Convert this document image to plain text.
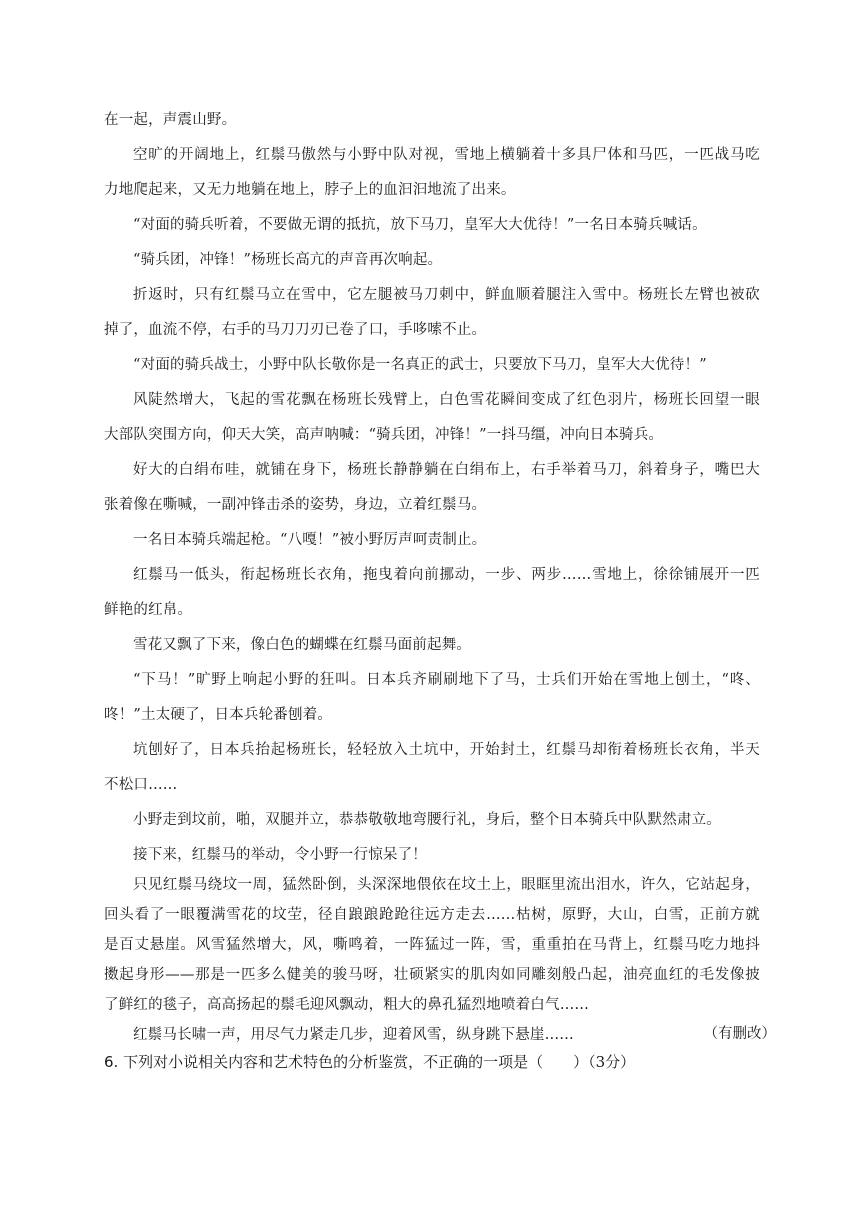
在一起，声震山野。
空旷的开阔地上，红鬃马傲然与小野中队对视，雪地上横躺着十多具尸体和马匹，一匹战马吃
力地爬起来，又无力地躺在地上，脖子上的血汩汩地流了出来。
“对面的骑兵听着，不要做无谓的抵抗，放下马刀，皇军大大优待！”一名日本骑兵喊话。
“骑兵团，冲锋！”杨班长高亢的声音再次响起。
折返时，只有红鬃马立在雪中，它左腿被马刀刺中，鲜血顺着腿注入雪中。杨班长左臂也被砍
掉了，血流不停，右手的马刀刀刃已卷了口，手哆嗦不止。
“对面的骑兵战士，小野中队长敬你是一名真正的武士，只要放下马刀，皇军大大优待！”
风陡然增大，飞起的雪花飘在杨班长残臂上，白色雪花瞬间变成了红色羽片，杨班长回望一眼
大部队突围方向，仰天大笑，高声呐喊：“骑兵团，冲锋！”一抖马缰，冲向日本骑兵。
好大的白绢布哇，就铺在身下，杨班长静静躺在白绢布上，右手举着马刀，斜着身子，嘴巴大
张着像在嘶喊，一副冲锋击杀的姿势，身边，立着红鬃马。
一名日本骑兵端起枪。“八嘎！”被小野厉声呵责制止。
红鬃马一低头，衔起杨班长衣角，拖曳着向前挪动，一步、两步……雪地上，徐徐铺展开一匹
鲜艳的红帛。
雪花又飘了下来，像白色的蝴蝶在红鬃马面前起舞。
“下马！”旷野上响起小野的狂叫。日本兵齐刷刷地下了马，士兵们开始在雪地上刨土，“咚、
咚！”土太硬了，日本兵轮番刨着。
坑刨好了，日本兵抬起杨班长，轻轻放入土坑中，开始封土，红鬃马却衔着杨班长衣角，半天
不松口……
小野走到坟前，啪，双腿并立，恭恭敬敬地弯腰行礼，身后，整个日本骑兵中队默然肃立。
接下来，红鬃马的举动，令小野一行惊呆了！
只见红鬃马绕坟一周，猛然卧倒，头深深地偎依在坟土上，眼眶里流出泪水，许久，它站起身，
回头看了一眼覆满雪花的坟茔，径自踉踉跄跄往远方走去……枯树，原野，大山，白雪，正前方就
是百丈悬崖。风雪猛然增大，风，嘶鸣着，一阵猛过一阵，雪，重重拍在马背上，红鬃马吃力地抖
擞起身形——那是一匹多么健美的骏马呀，壮硕紧实的肌肉如同雕刻般凸起，油亮血红的毛发像披
了鲜红的毯子，高高扬起的鬃毛迎风飘动，粗大的鼻孔猛烈地喷着白气……
红鬃马长啸一声，用尽气力紧走几步，迎着风雪，纵身跳下悬崖……	（有删改）
6. 下列对小说相关内容和艺术特色的分析鉴赏，不正确的一项是（　　）（3分）
